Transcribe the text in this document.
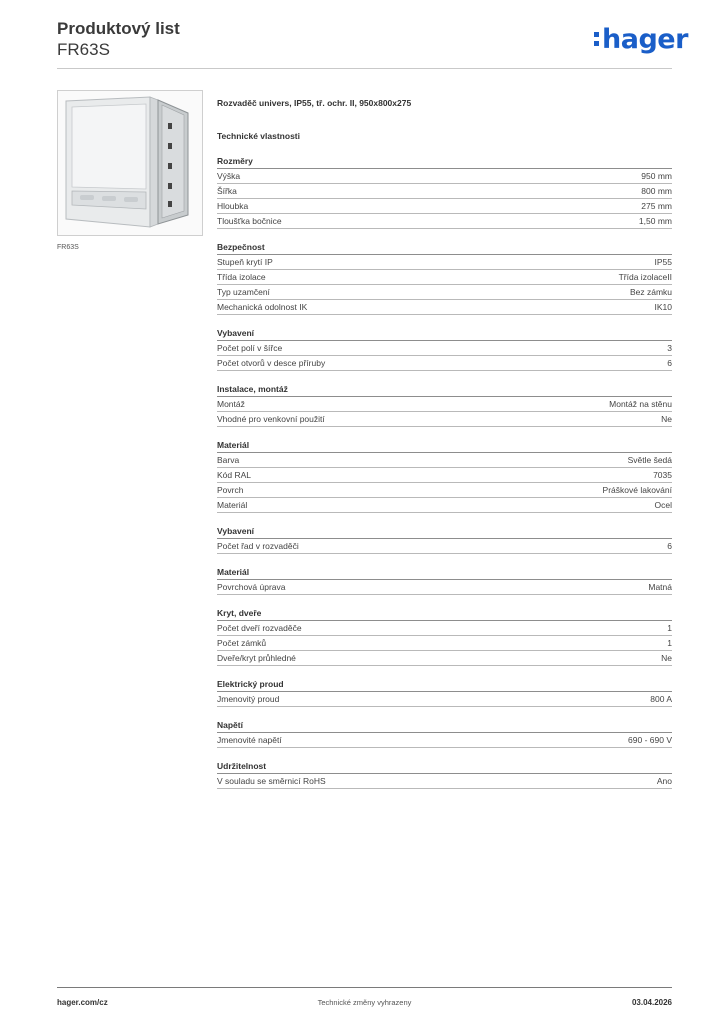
Produktový list
FR63S	hager
FR63S
Rozvaděč univers, IP55, tř. ochr. II, 950x800x275
Technické vlastnosti
Rozměry
Výška	950 mm
Šířka	800 mm
Hloubka	275 mm
Tloušťka bočnice	1,50 mm
Bezpečnost
Stupeň krytí IP	IP55
Třída izolace	Třída izolaceII
Typ uzamčení	Bez zámku
Mechanická odolnost IK	IK10
Vybavení
Počet polí v šířce	3
Počet otvorů v desce příruby	6
Instalace, montáž
Montáž	Montáž na stěnu
Vhodné pro venkovní použití	Ne
Materiál
Barva	Světle šedá
Kód RAL	7035
Povrch	Práškové lakování
Materiál	Ocel
Vybavení
Počet řad v rozvaděči	6
Materiál
Povrchová úprava	Matná
Kryt, dveře
Počet dveří rozvaděče	1
Počet zámků	1
Dveře/kryt průhledné	Ne
Elektrický proud
Jmenovitý proud	800 A
Napětí
Jmenovité napětí	690 - 690 V
Udržitelnost
V souladu se směrnicí RoHS	Ano
hager.com/cz	Technické změny vyhrazeny	03.04.2026
